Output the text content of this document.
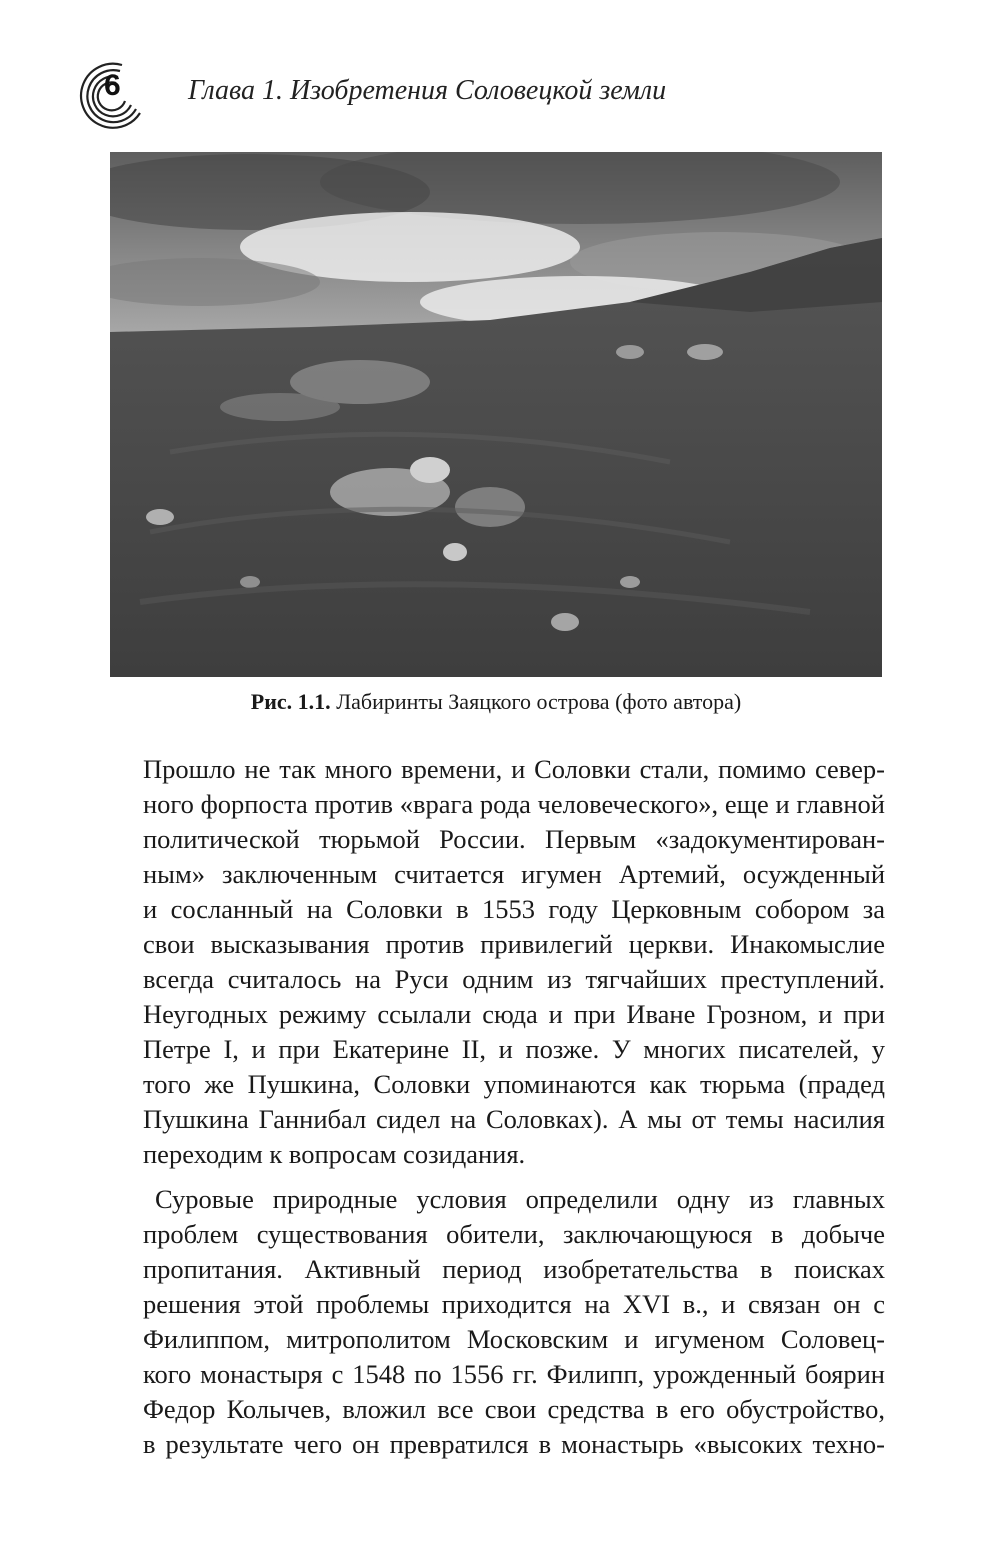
6 Глава 1. Изобретения Соловецкой земли
Рис. 1.1. Лабиринты Заяцкого острова (фото автора)
Прошло не так много времени, и Соловки стали, помимо север-
ного форпоста против «врага рода человеческого», еще и главной
политической тюрьмой России. Первым «задокументирован-
ным» заключенным считается игумен Артемий, осужденный
и сосланный на Соловки в 1553 году Церковным собором за
свои высказывания против привилегий церкви. Инакомыслие
всегда считалось на Руси одним из тягчайших преступлений.
Неугодных режиму ссылали сюда и при Иване Грозном, и при
Петре I, и при Екатерине II, и позже. У многих писателей, у
того же Пушкина, Соловки упоминаются как тюрьма (прадед
Пушкина Ганнибал сидел на Соловках). А мы от темы насилия
переходим к вопросам созидания.
Суровые природные условия определили одну из главных
проблем существования обители, заключающуюся в добыче
пропитания. Активный период изобретательства в поисках
решения этой проблемы приходится на XVI в., и связан он с
Филиппом, митрополитом Московским и игуменом Соловец-
кого монастыря с 1548 по 1556 гг. Филипп, урожденный боярин
Федор Колычев, вложил все свои средства в его обустройство,
в результате чего он превратился в монастырь «высоких техно-
